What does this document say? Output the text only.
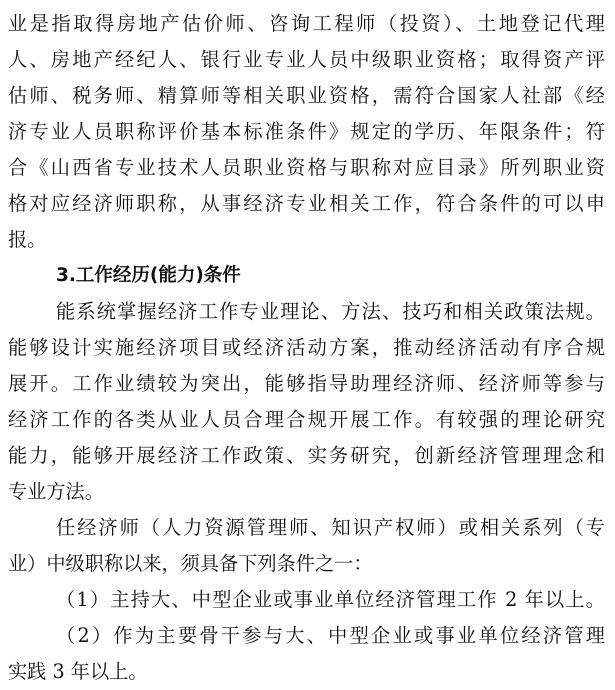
业是指取得房地产估价师、咨询工程师（投资）、土地登记代理
人、房地产经纪人、银行业专业人员中级职业资格；取得资产评
估师、税务师、精算师等相关职业资格，需符合国家人社部《经
济专业人员职称评价基本标准条件》规定的学历、年限条件；符
合《山西省专业技术人员职业资格与职称对应目录》所列职业资
格对应经济师职称，从事经济专业相关工作，符合条件的可以申
报。
3.工作经历(能力)条件
能系统掌握经济工作专业理论、方法、技巧和相关政策法规。
能够设计实施经济项目或经济活动方案，推动经济活动有序合规
展开。工作业绩较为突出，能够指导助理经济师、经济师等参与
经济工作的各类从业人员合理合规开展工作。有较强的理论研究
能力，能够开展经济工作政策、实务研究，创新经济管理理念和
专业方法。
任经济师（人力资源管理师、知识产权师）或相关系列（专
业）中级职称以来，须具备下列条件之一：
（1）主持大、中型企业或事业单位经济管理工作 2 年以上。
（2）作为主要骨干参与大、中型企业或事业单位经济管理
实践 3 年以上。
